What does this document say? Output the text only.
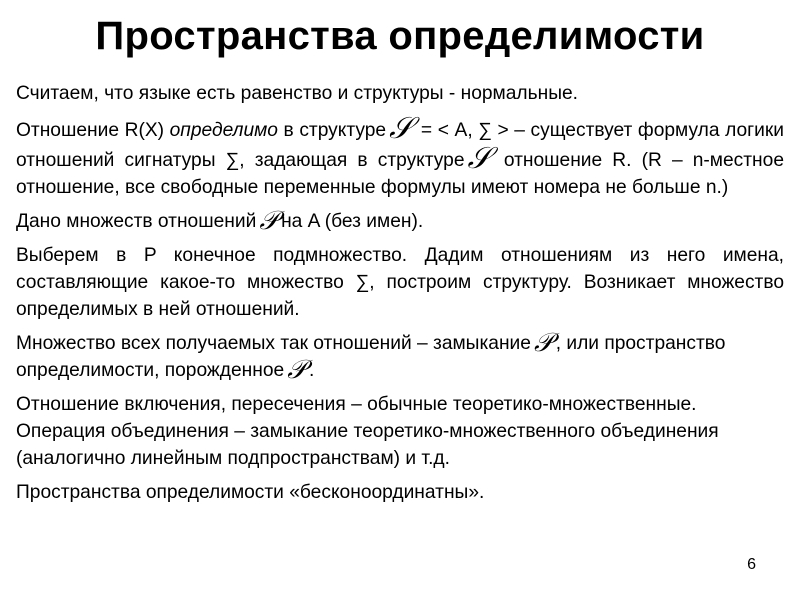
Пространства определимости

Считаем, что языке есть равенство и структуры - нормальные.

Отношение R(X) определимо в структуре 𝒮 = < A, ∑ > – существует формула логики отношений сигнатуры ∑, задающая в структуре 𝒮 отношение R. (R – n-местное отношение, все свободные переменные формулы имеют номера не больше n.)

Дано множеств отношений 𝒫 на A (без имен).

Выберем в P конечное подмножество. Дадим отношениям из него имена, составляющие какое-то множество ∑, построим структуру. Возникает множество определимых в ней отношений.

Множество всех получаемых так отношений – замыкание 𝒫 , или пространство определимости, порожденное 𝒫 .

Отношение включения, пересечения – обычные теоретико-множественные. Операция объединения – замыкание теоретико-множественного объединения (аналогично линейным подпространствам) и т.д.

Пространства определимости «бесконоординатны».

6
